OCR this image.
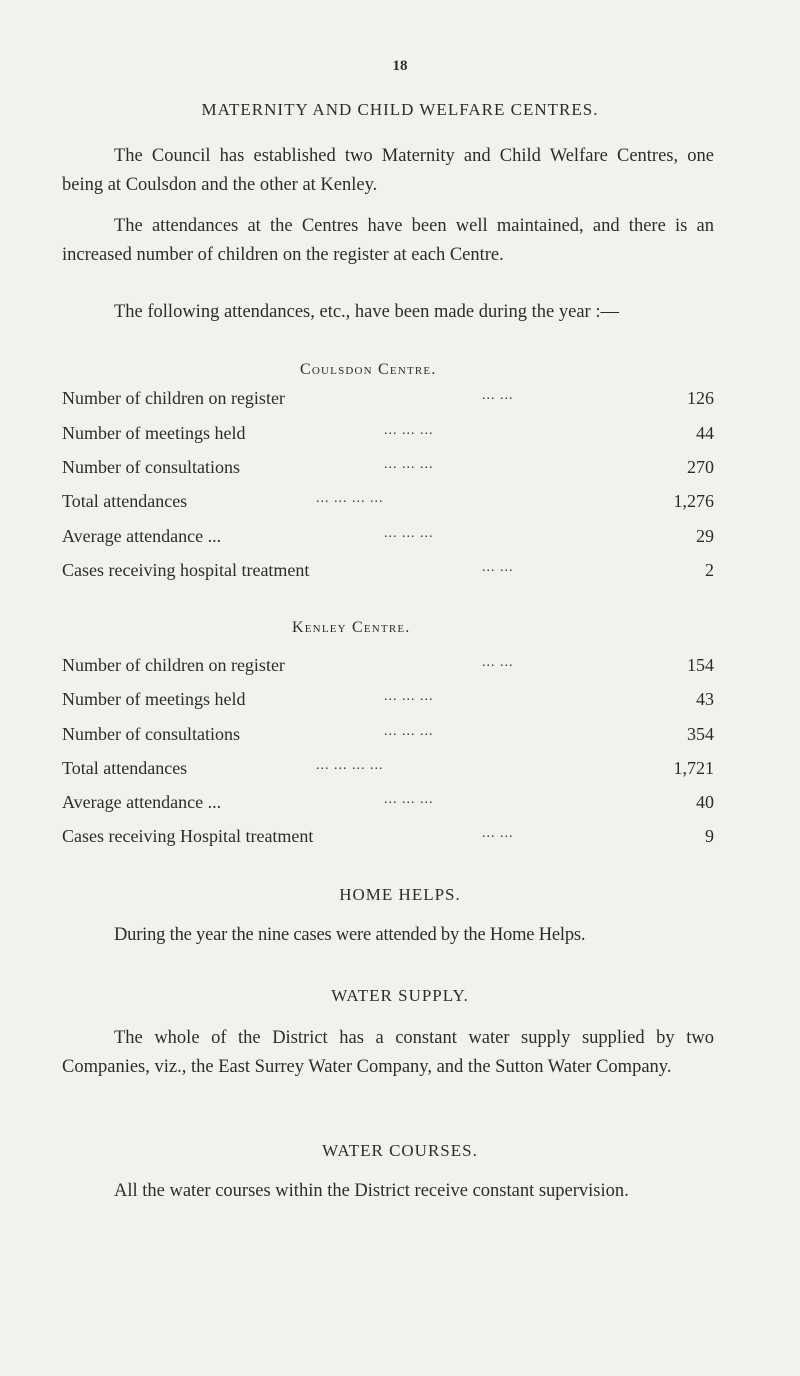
18
MATERNITY AND CHILD WELFARE CENTRES.
The Council has established two Maternity and Child Welfare Centres, one being at Coulsdon and the other at Kenley.
The attendances at the Centres have been well maintained, and there is an increased number of children on the register at each Centre.
The following attendances, etc., have been made during the year :—
Coulsdon Centre.
Number of children on register	... ...	126
Number of meetings held	... ... ...	44
Number of consultations	... ... ...	270
Total attendances	... ... ... ...	1,276
Average attendance ...	... ... ...	29
Cases receiving hospital treatment	... ...	2
Kenley Centre.
Number of children on register	... ...	154
Number of meetings held	... ... ...	43
Number of consultations	... ... ...	354
Total attendances	... ... ... ...	1,721
Average attendance ...	... ... ...	40
Cases receiving Hospital treatment	... ...	9
HOME HELPS.
During the year the nine cases were attended by the Home Helps.
WATER SUPPLY.
The whole of the District has a constant water supply supplied by two Companies, viz., the East Surrey Water Company, and the Sutton Water Company.
WATER COURSES.
All the water courses within the District receive constant supervision.
